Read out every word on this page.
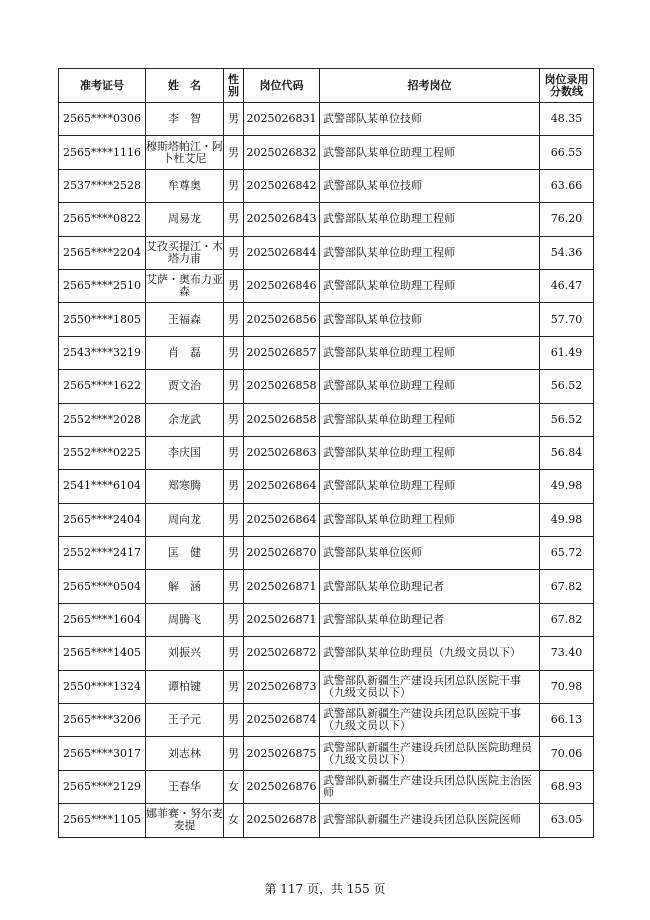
准考证号	姓　名	性别	岗位代码	招考岗位	岗位录用分数线
2565****0306	李　智	男	2025026831	武警部队某单位技师	48.35
2565****1116	穆斯塔帕江・阿卜杜艾尼	男	2025026832	武警部队某单位助理工程师	66.55
2537****2528	牟尊奥	男	2025026842	武警部队某单位技师	63.66
2565****0822	周易龙	男	2025026843	武警部队某单位助理工程师	76.20
2565****2204	艾孜买提江・木塔力甫	男	2025026844	武警部队某单位助理工程师	54.36
2565****2510	艾萨・奥布力亚森	男	2025026846	武警部队某单位助理工程师	46.47
2550****1805	王福森	男	2025026856	武警部队某单位技师	57.70
2543****3219	肖　磊	男	2025026857	武警部队某单位助理工程师	61.49
2565****1622	贾文治	男	2025026858	武警部队某单位助理工程师	56.52
2552****2028	余龙武	男	2025026858	武警部队某单位助理工程师	56.52
2552****0225	李庆国	男	2025026863	武警部队某单位助理工程师	56.84
2541****6104	郑寒腾	男	2025026864	武警部队某单位助理工程师	49.98
2565****2404	周向龙	男	2025026864	武警部队某单位助理工程师	49.98
2552****2417	匡　健	男	2025026870	武警部队某单位医师	65.72
2565****0504	解　涵	男	2025026871	武警部队某单位助理记者	67.82
2565****1604	周腾飞	男	2025026871	武警部队某单位助理记者	67.82
2565****1405	刘振兴	男	2025026872	武警部队某单位助理员（九级文员以下）	73.40
2550****1324	谭柏键	男	2025026873	武警部队新疆生产建设兵团总队医院干事（九级文员以下）	70.98
2565****3206	王子元	男	2025026874	武警部队新疆生产建设兵团总队医院干事（九级文员以下）	66.13
2565****3017	刘志林	男	2025026875	武警部队新疆生产建设兵团总队医院助理员（九级文员以下）	70.06
2565****2129	王春华	女	2025026876	武警部队新疆生产建设兵团总队医院主治医师	68.93
2565****1105	娜菲赛・努尔麦麦提	女	2025026878	武警部队新疆生产建设兵团总队医院医师	63.05
第 117 页，共 155 页
